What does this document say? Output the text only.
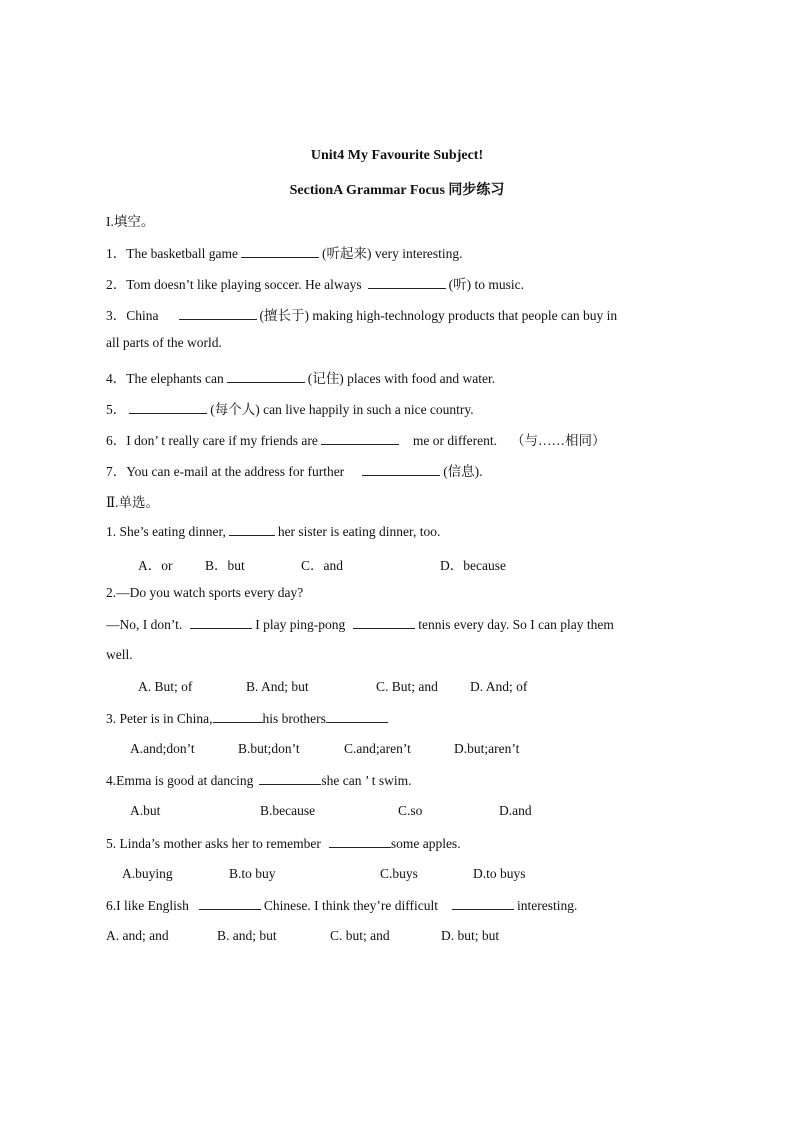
Unit4 My Favourite Subject!
SectionA Grammar Focus 同步练习
I.填空。
1．The basketball game	(听起来) very interesting.
2．Tom doesn’t like playing soccer. He always	(听) to music.
3．China	(擅长于) making high-technology products that people can buy in
all parts of the world.
4．The elephants can	(记住) places with food and water.
5．	(每个人) can live happily in such a nice country.
6．I don’ t really care if my friends are	me or different. （与……相同）
7．You can e-mail at the address for further	(信息).
Ⅱ.单选。
1. She’s eating dinner,	her sister is eating dinner, too.
A．or B．but	C．and	D．because
2.—Do you watch sports every day?
—No, I don’t.	I play ping-pong	tennis every day. So I can play them
well.
A. But; of	B. And; but	C. But; and D. And; of
3. Peter is in China,	his brothers
A.and;don’t	B.but;don’t	C.and;aren’t	D.but;aren’t
4.Emma is good at dancing	she can ’ t swim.
A.but	B.because	C.so	D.and
5. Linda’s mother asks her to remember	some apples.
A.buying	B.to buy	C.buys	D.to buys
6.I like English	Chinese. I think they’re difficult	interesting.
A. and; and	B. and; but	C. but; and	D. but; but
